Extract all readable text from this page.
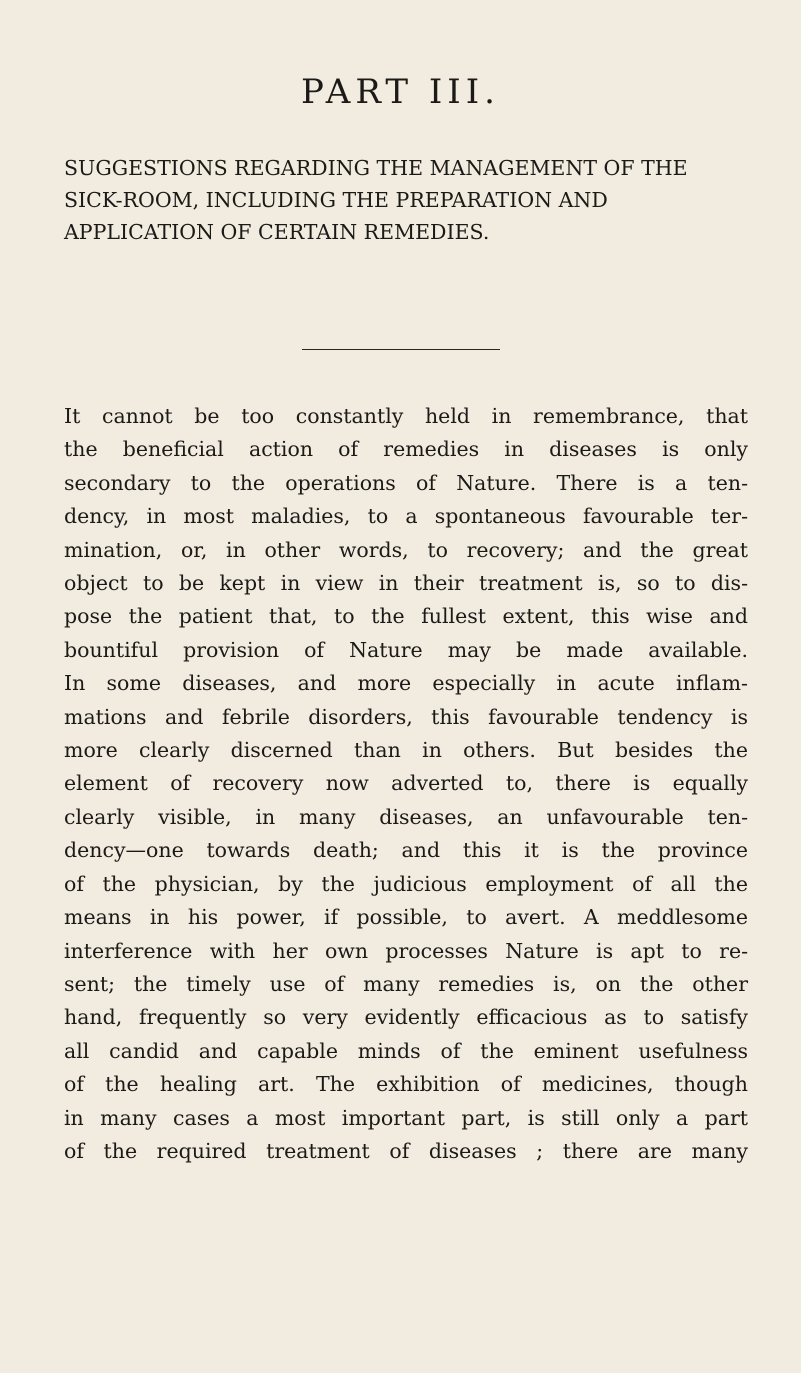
PART III.
SUGGESTIONS REGARDING THE MANAGEMENT OF THE
SICK-ROOM, INCLUDING THE PREPARATION AND
APPLICATION OF CERTAIN REMEDIES.
It cannot be too constantly held in remembrance, that
the beneficial action of remedies in diseases is only
secondary to the operations of Nature. There is a ten-
dency, in most maladies, to a spontaneous favourable ter-
mination, or, in other words, to recovery; and the great
object to be kept in view in their treatment is, so to dis-
pose the patient that, to the fullest extent, this wise and
bountiful provision of Nature may be made available.
In some diseases, and more especially in acute inflam-
mations and febrile disorders, this favourable tendency is
more clearly discerned than in others. But besides the
element of recovery now adverted to, there is equally
clearly visible, in many diseases, an unfavourable ten-
dency—one towards death; and this it is the province
of the physician, by the judicious employment of all the
means in his power, if possible, to avert. A meddlesome
interference with her own processes Nature is apt to re-
sent; the timely use of many remedies is, on the other
hand, frequently so very evidently efficacious as to satisfy
all candid and capable minds of the eminent usefulness
of the healing art. The exhibition of medicines, though
in many cases a most important part, is still only a part
of the required treatment of diseases ; there are many
